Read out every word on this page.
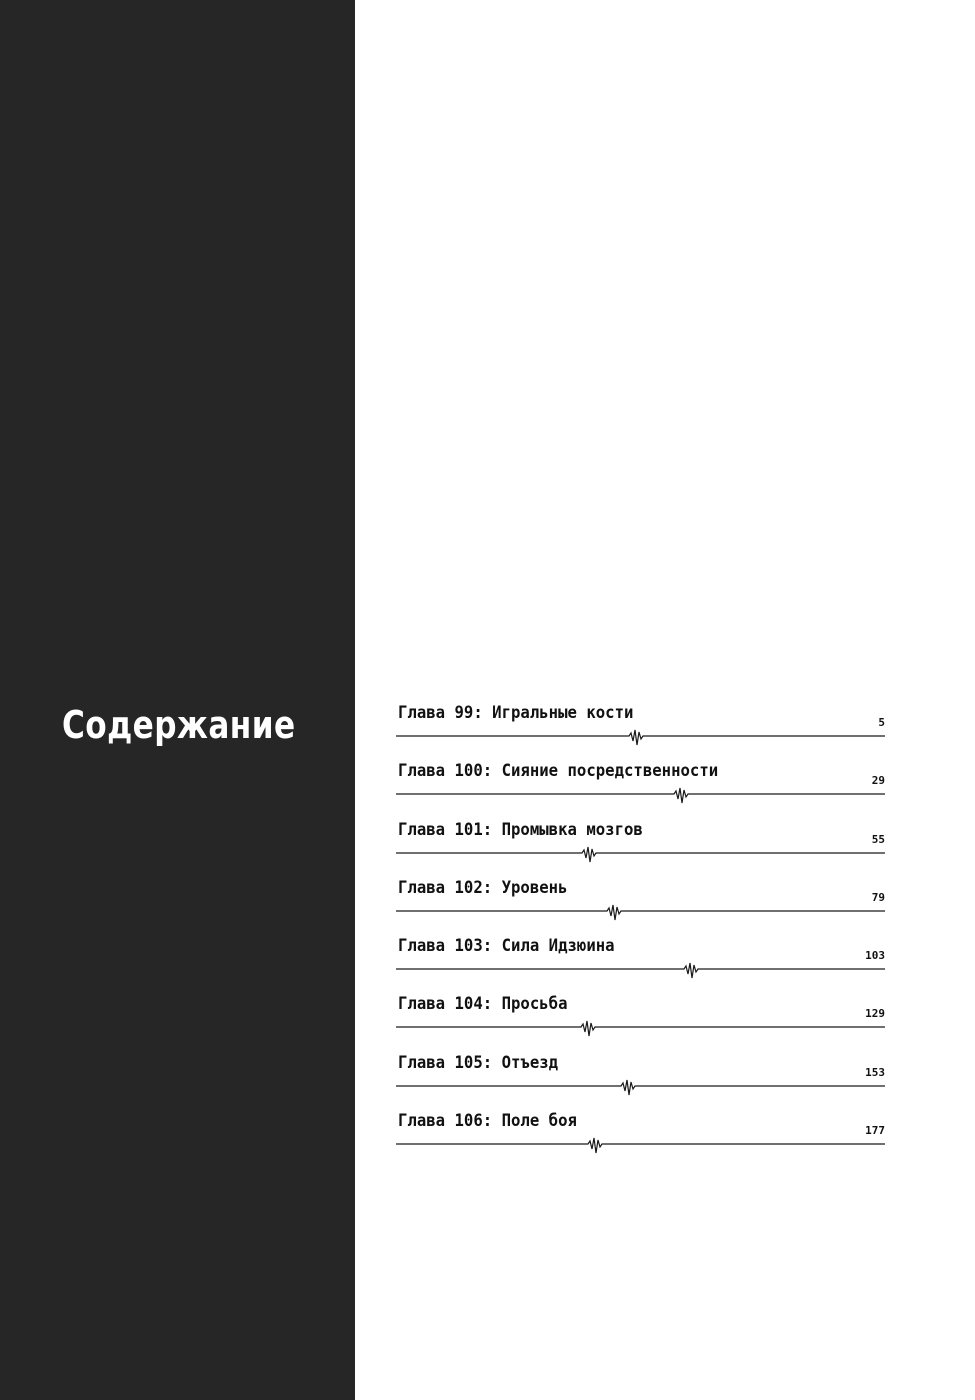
Содержание	Глава 99: Игральные кости	5
Глава 100: Сияние посредственности	29
Глава 101: Промывка мозгов	55
Глава 102: Уровень	79
Глава 103: Сила Идзюина	103
Глава 104: Просьба	129
Глава 105: Отъезд	153
Глава 106: Поле боя	177
